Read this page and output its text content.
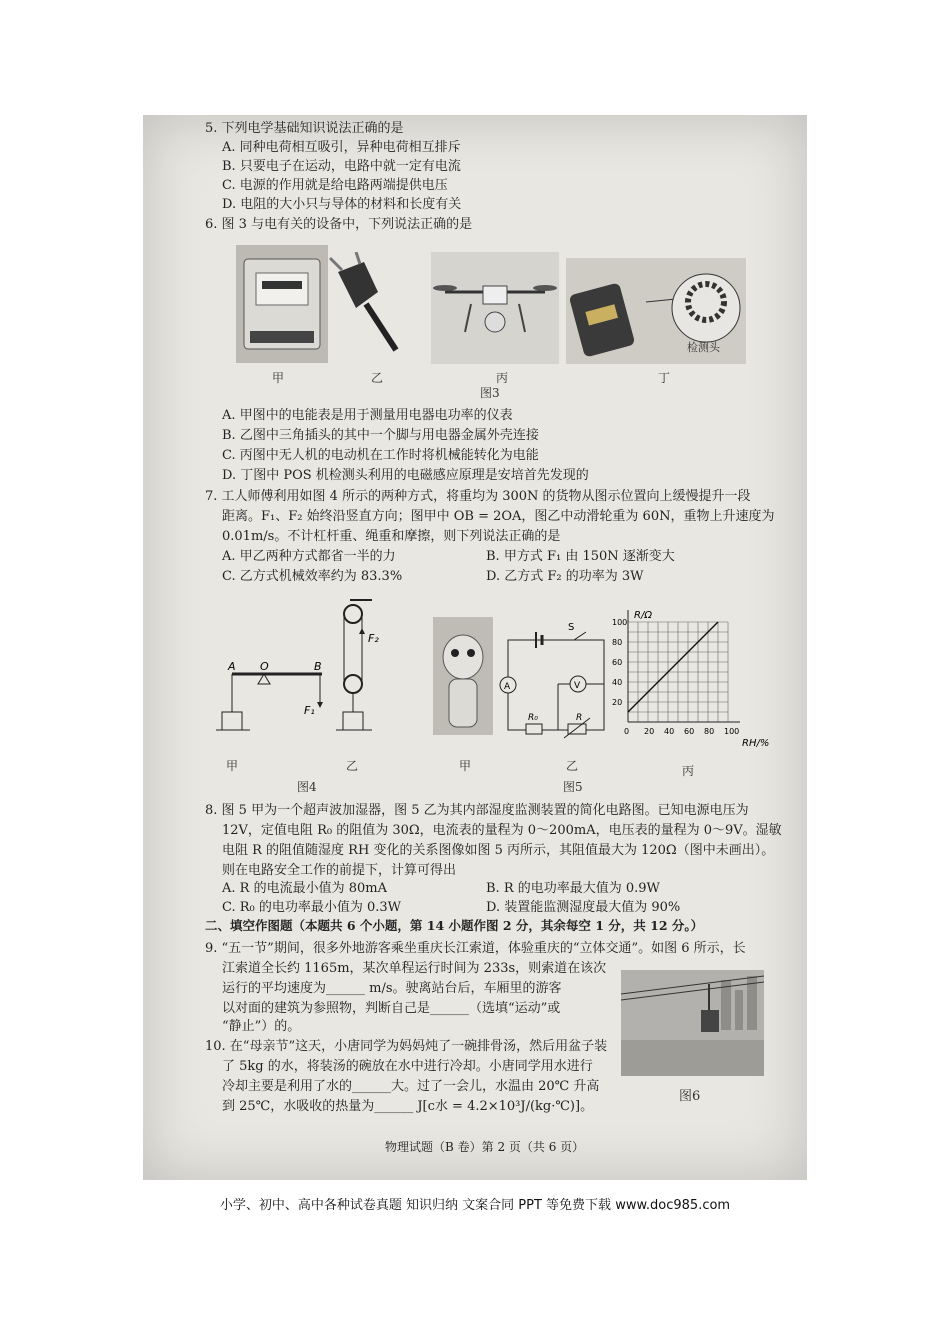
5. 下列电学基础知识说法正确的是
A. 同种电荷相互吸引，异种电荷相互排斥
B. 只要电子在运动，电路中就一定有电流
C. 电源的作用就是给电路两端提供电压
D. 电阻的大小只与导体的材料和长度有关
6. 图 3 与电有关的设备中，下列说法正确的是
检测头
甲	乙	丙	丁
图3
A. 甲图中的电能表是用于测量用电器电功率的仪表
B. 乙图中三角插头的其中一个脚与用电器金属外壳连接
C. 丙图中无人机的电动机在工作时将机械能转化为电能
D. 丁图中 POS 机检测头利用的电磁感应原理是安培首先发现的
7. 工人师傅利用如图 4 所示的两种方式，将重均为 300N 的货物从图示位置向上缓慢提升一段
距离。F₁、F₂ 始终沿竖直方向；图甲中 OB = 2OA，图乙中动滑轮重为 60N，重物上升速度为
0.01m/s。不计杠杆重、绳重和摩擦，则下列说法正确的是
A. 甲乙两种方式都省一半的力	B. 甲方式 F₁ 由 150N 逐渐变大
C. 乙方式机械效率约为 83.3%	D. 乙方式 F₂ 的功率为 3W
A O	B
F₁
F₂
甲	乙
图4
甲
S
A	V
R₀	R
乙
图5
0 20 40 60 80 100
20
40
60
80
100
R/Ω
RH/%
丙
8. 图 5 甲为一个超声波加湿器，图 5 乙为其内部湿度监测装置的简化电路图。已知电源电压为
12V，定值电阻 R₀ 的阻值为 30Ω，电流表的量程为 0～200mA，电压表的量程为 0～9V。湿敏
电阻 R 的阻值随湿度 RH 变化的关系图像如图 5 丙所示，其阻值最大为 120Ω（图中未画出）。
则在电路安全工作的前提下，计算可得出
A. R 的电流最小值为 80mA	B. R 的电功率最大值为 0.9W
C. R₀ 的电功率最小值为 0.3W	D. 装置能监测湿度最大值为 90%
二、填空作图题（本题共 6 个小题，第 14 小题作图 2 分，其余每空 1 分，共 12 分。）
9. “五一节”期间，很多外地游客乘坐重庆长江索道，体验重庆的“立体交通”。如图 6 所示，长
江索道全长约 1165m，某次单程运行时间为 233s，则索道在该次
运行的平均速度为______ m/s。驶离站台后，车厢里的游客
以对面的建筑为参照物，判断自己是______（选填“运动”或
“静止”）的。
图6
10. 在“母亲节”这天，小唐同学为妈妈炖了一碗排骨汤，然后用盆子装
了 5kg 的水，将装汤的碗放在水中进行冷却。小唐同学用水进行
冷却主要是利用了水的______大。过了一会儿，水温由 20℃ 升高
到 25℃，水吸收的热量为______ J[c水 = 4.2×10³J/(kg·℃)]。
物理试题（B 卷）第 2 页（共 6 页）
小学、初中、高中各种试卷真题 知识归纳 文案合同 PPT 等免费下载 www.doc985.com
